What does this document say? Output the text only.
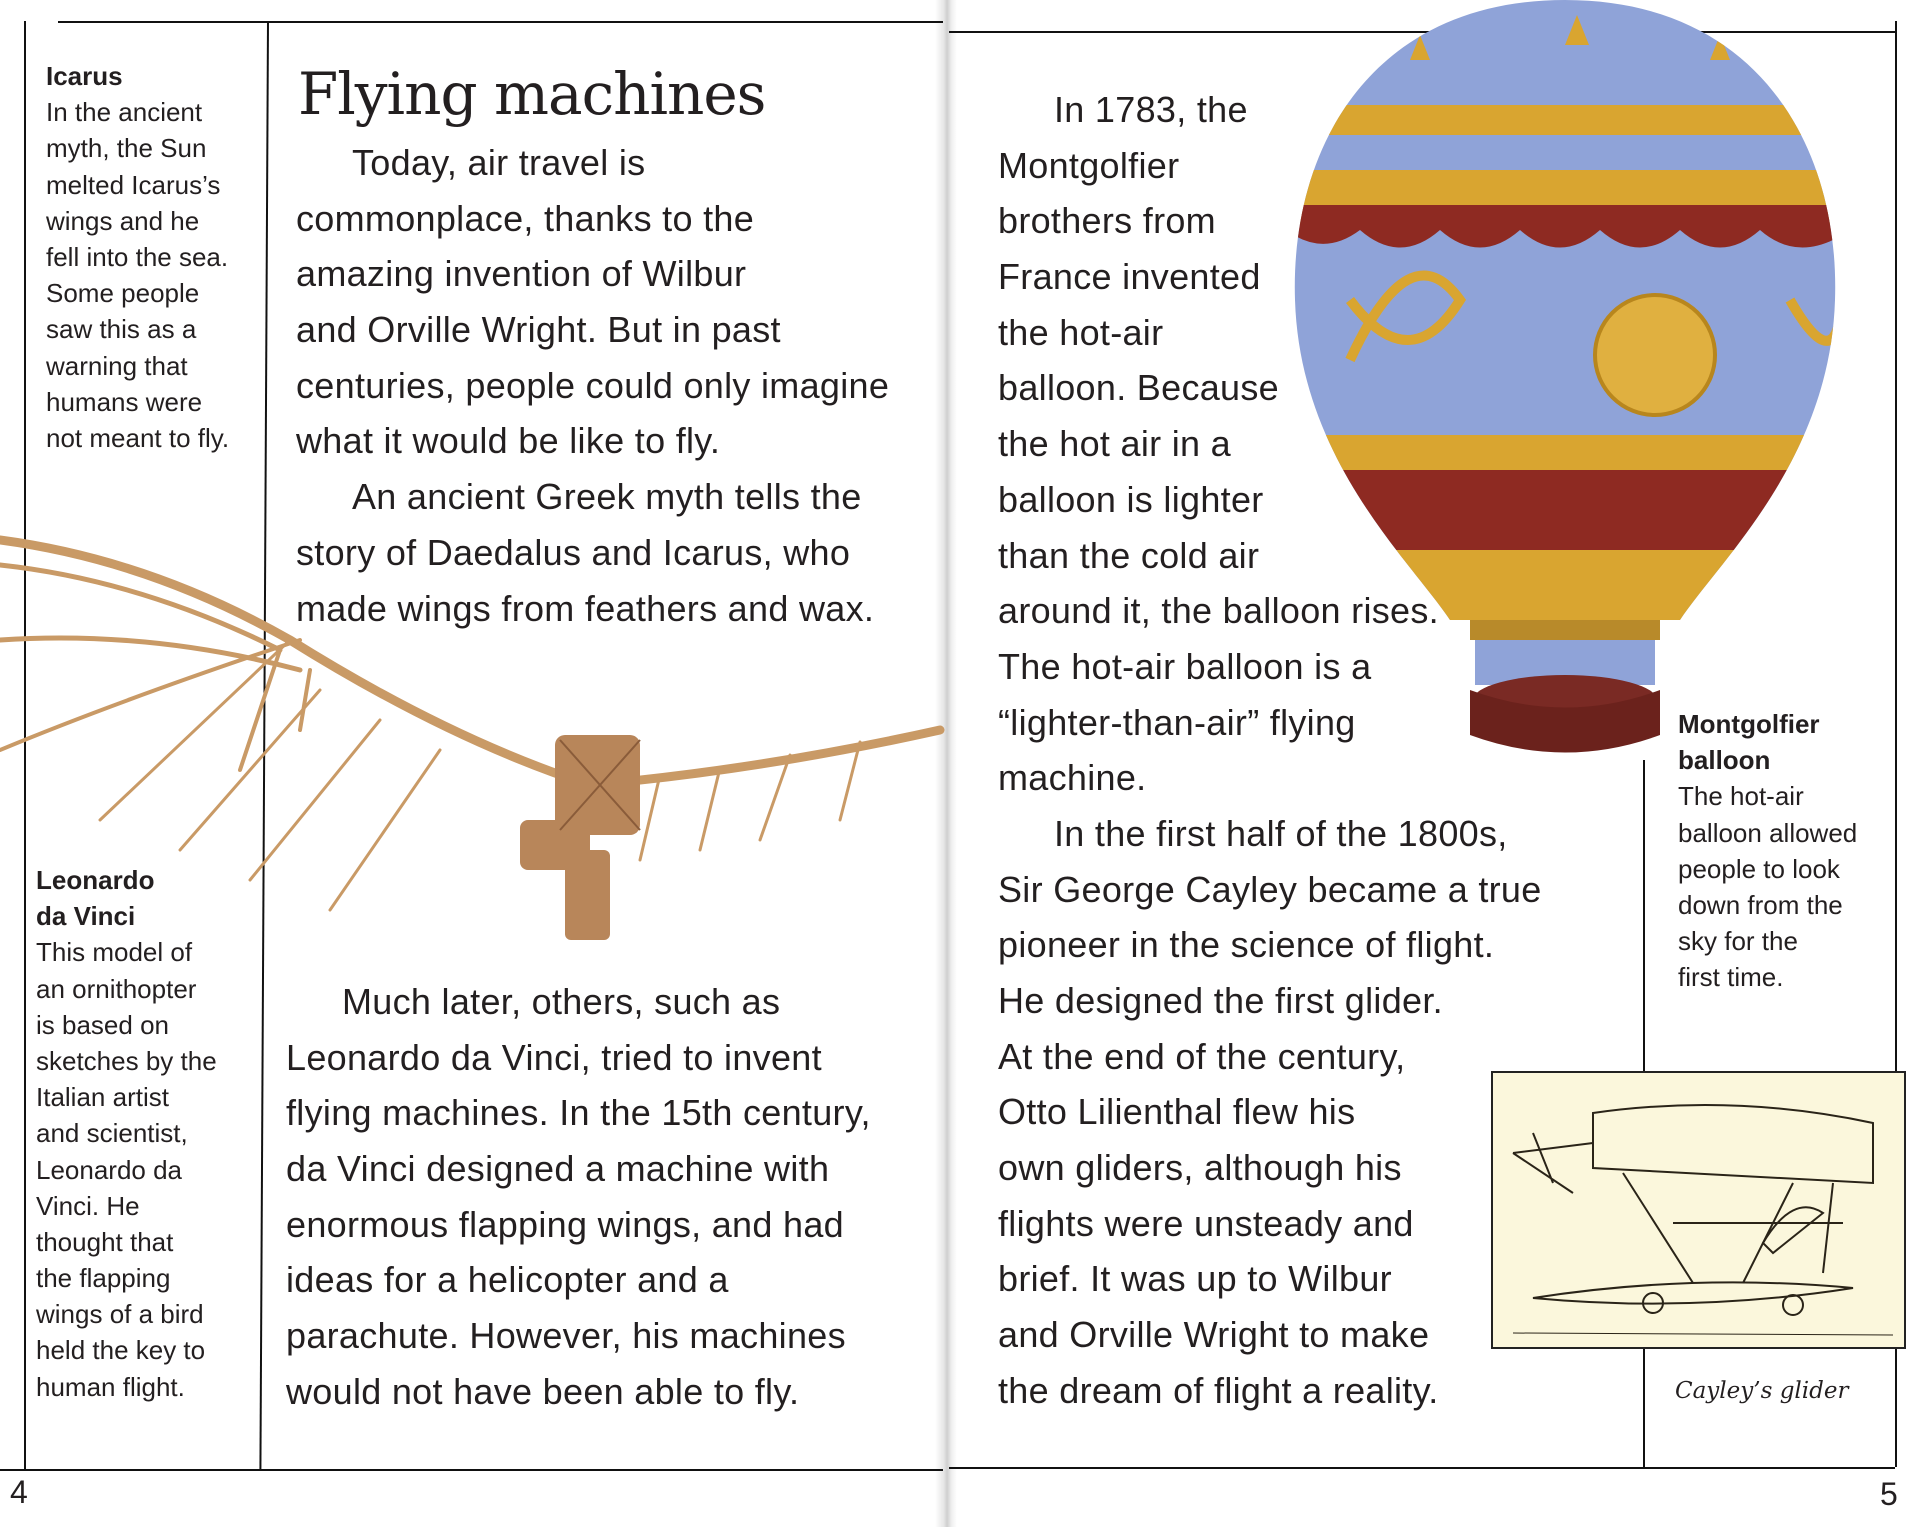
Flying machines
Today, air travel is
commonplace, thanks to the
amazing invention of Wilbur
and Orville Wright. But in past
centuries, people could only imagine
what it would be like to fly.
An ancient Greek myth tells the
story of Daedalus and Icarus, who
made wings from feathers and wax.
Much later, others, such as
Leonardo da Vinci, tried to invent
flying machines. In the 15th century,
da Vinci designed a machine with
enormous flapping wings, and had
ideas for a helicopter and a
parachute. However, his machines
would not have been able to fly.
Icarus
In the ancient
myth, the Sun
melted Icarus’s
wings and he
fell into the sea.
Some people
saw this as a
warning that
humans were
not meant to fly.
Leonardo
da Vinci
This model of
an ornithopter
is based on
sketches by the
Italian artist
and scientist,
Leonardo da
Vinci. He
thought that
the flapping
wings of a bird
held the key to
human flight.
4
In 1783, the
Montgolfier
brothers from
France invented
the hot-air
balloon. Because
the hot air in a
balloon is lighter
than the cold air
around it, the balloon rises.
The hot-air balloon is a
“lighter-than-air” flying
machine.
In the first half of the 1800s,
Sir George Cayley became a true
pioneer in the science of flight.
He designed the first glider.
At the end of the century,
Otto Lilienthal flew his
own gliders, although his
flights were unsteady and
brief. It was up to Wilbur
and Orville Wright to make
the dream of flight a reality.
Montgolfier
balloon
The hot-air
balloon allowed
people to look
down from the
sky for the
first time.
Cayley’s glider
5
